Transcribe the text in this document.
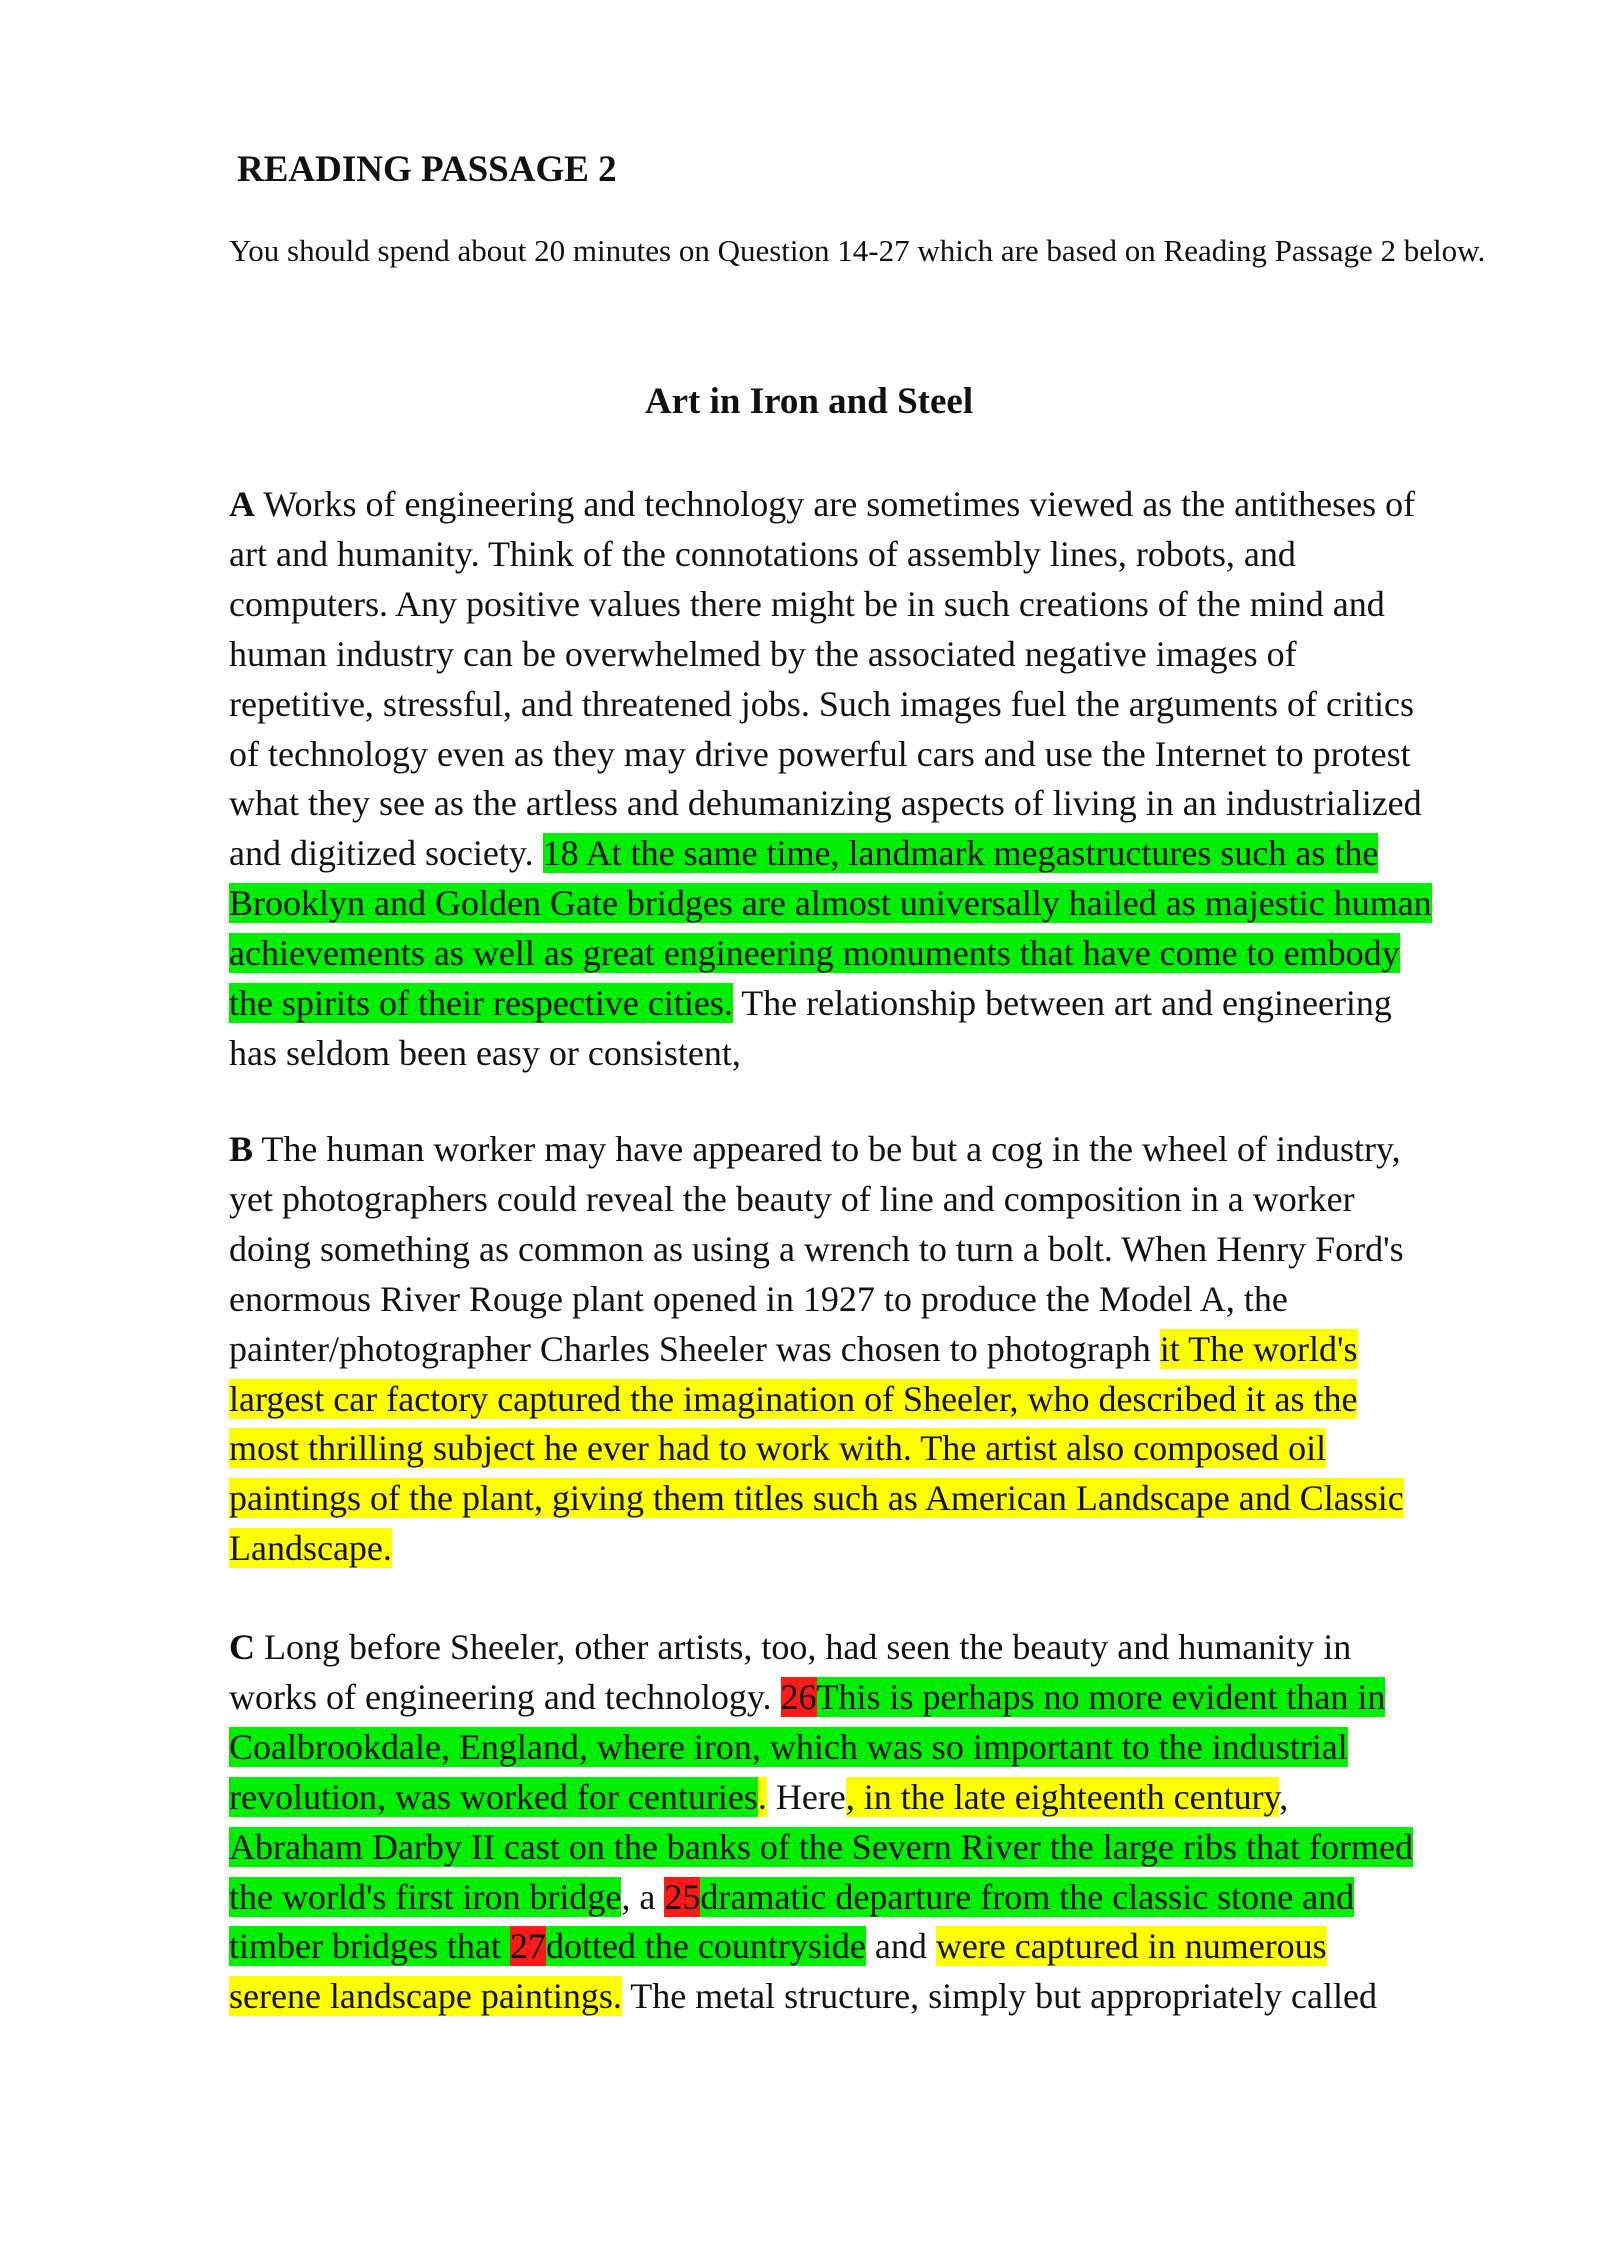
READING PASSAGE 2

You should spend about 20 minutes on Question 14-27 which are based on Reading Passage 2 below.

Art in Iron and Steel

A Works of engineering and technology are sometimes viewed as the antitheses of
art and humanity. Think of the connotations of assembly lines, robots, and
computers. Any positive values there might be in such creations of the mind and
human industry can be overwhelmed by the associated negative images of
repetitive, stressful, and threatened jobs. Such images fuel the arguments of critics
of technology even as they may drive powerful cars and use the Internet to protest
what they see as the artless and dehumanizing aspects of living in an industrialized
and digitized society. 18 At the same time, landmark megastructures such as the
Brooklyn and Golden Gate bridges are almost universally hailed as majestic human
achievements as well as great engineering monuments that have come to embody
the spirits of their respective cities. The relationship between art and engineering
has seldom been easy or consistent,

B The human worker may have appeared to be but a cog in the wheel of industry,
yet photographers could reveal the beauty of line and composition in a worker
doing something as common as using a wrench to turn a bolt. When Henry Ford's
enormous River Rouge plant opened in 1927 to produce the Model A, the
painter/photographer Charles Sheeler was chosen to photograph it The world's
largest car factory captured the imagination of Sheeler, who described it as the
most thrilling subject he ever had to work with. The artist also composed oil
paintings of the plant, giving them titles such as American Landscape and Classic
Landscape.

C Long before Sheeler, other artists, too, had seen the beauty and humanity in
works of engineering and technology. 26This is perhaps no more evident than in
Coalbrookdale, England, where iron, which was so important to the industrial
revolution, was worked for centuries. Here, in the late eighteenth century,
Abraham Darby II cast on the banks of the Severn River the large ribs that formed
the world's first iron bridge, a 25dramatic departure from the classic stone and
timber bridges that 27dotted the countryside and were captured in numerous
serene landscape paintings. The metal structure, simply but appropriately called
